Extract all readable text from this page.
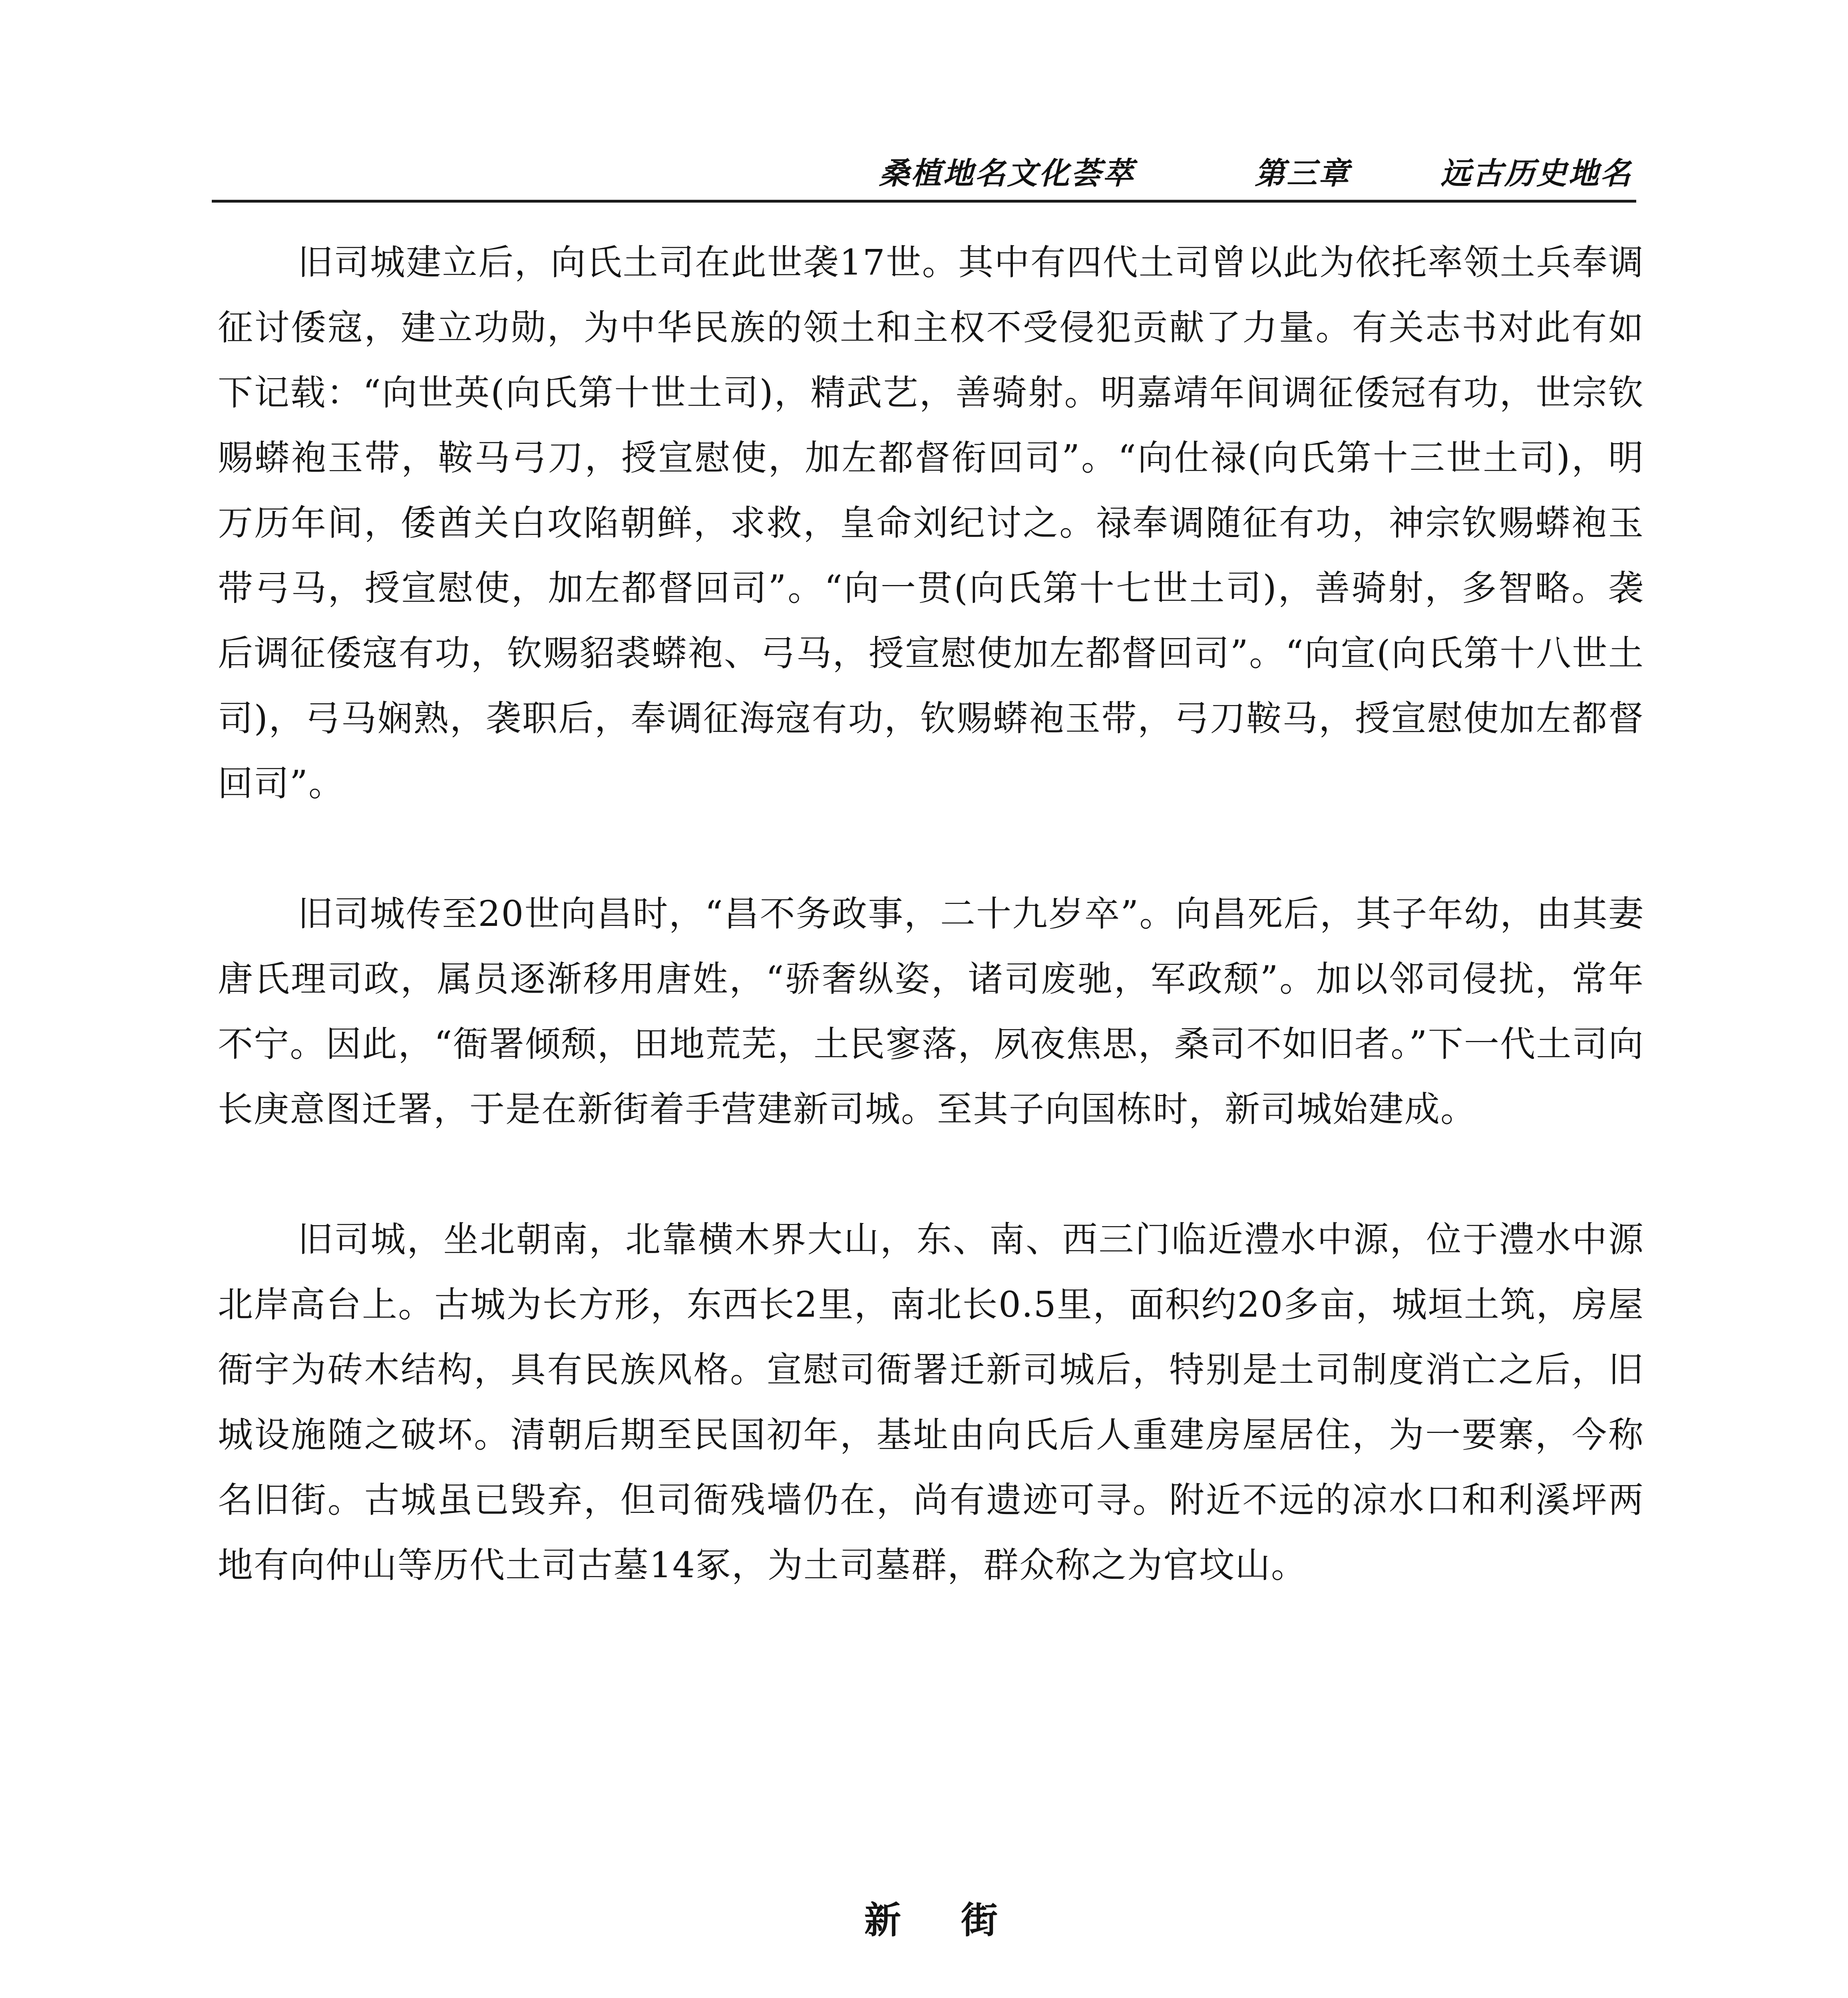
桑植地名文化荟萃	第三章	远古历史地名

旧司城建立后，向氏土司在此世袭17世。其中有四代土司曾以此为依托率领土兵奉调征讨倭寇，建立功勋，为中华民族的领土和主权不受侵犯贡献了力量。有关志书对此有如下记载：“向世英(向氏第十世土司)，精武艺，善骑射。明嘉靖年间调征倭冠有功，世宗钦赐蟒袍玉带，鞍马弓刀，授宣慰使，加左都督衔回司”。“向仕禄(向氏第十三世土司)，明万历年间，倭酋关白攻陷朝鲜，求救，皇命刘纪讨之。禄奉调随征有功，神宗钦赐蟒袍玉带弓马，授宣慰使，加左都督回司”。“向一贯(向氏第十七世土司)，善骑射，多智略。袭后调征倭寇有功，钦赐貂裘蟒袍、弓马，授宣慰使加左都督回司”。“向宣(向氏第十八世土司)，弓马娴熟，袭职后，奉调征海寇有功，钦赐蟒袍玉带，弓刀鞍马，授宣慰使加左都督回司”。

旧司城传至20世向昌时，“昌不务政事，二十九岁卒”。向昌死后，其子年幼，由其妻唐氏理司政，属员逐渐移用唐姓，“骄奢纵姿，诸司废驰，军政颓”。加以邻司侵扰，常年不宁。因此，“衙署倾颓，田地荒芜，土民寥落，夙夜焦思，桑司不如旧者。”下一代土司向长庚意图迁署，于是在新街着手营建新司城。至其子向国栋时，新司城始建成。

旧司城，坐北朝南，北靠横木界大山，东、南、西三门临近澧水中源，位于澧水中源北岸高台上。古城为长方形，东西长2里，南北长0.5里，面积约20多亩，城垣土筑，房屋衙宇为砖木结构，具有民族风格。宣慰司衙署迁新司城后，特别是土司制度消亡之后，旧城设施随之破坏。清朝后期至民国初年，基址由向氏后人重建房屋居住，为一要寨，今称名旧街。古城虽已毁弃，但司衙残墙仍在，尚有遗迹可寻。附近不远的凉水口和利溪坪两地有向仲山等历代土司古墓14冢，为土司墓群，群众称之为官坟山。

新街
